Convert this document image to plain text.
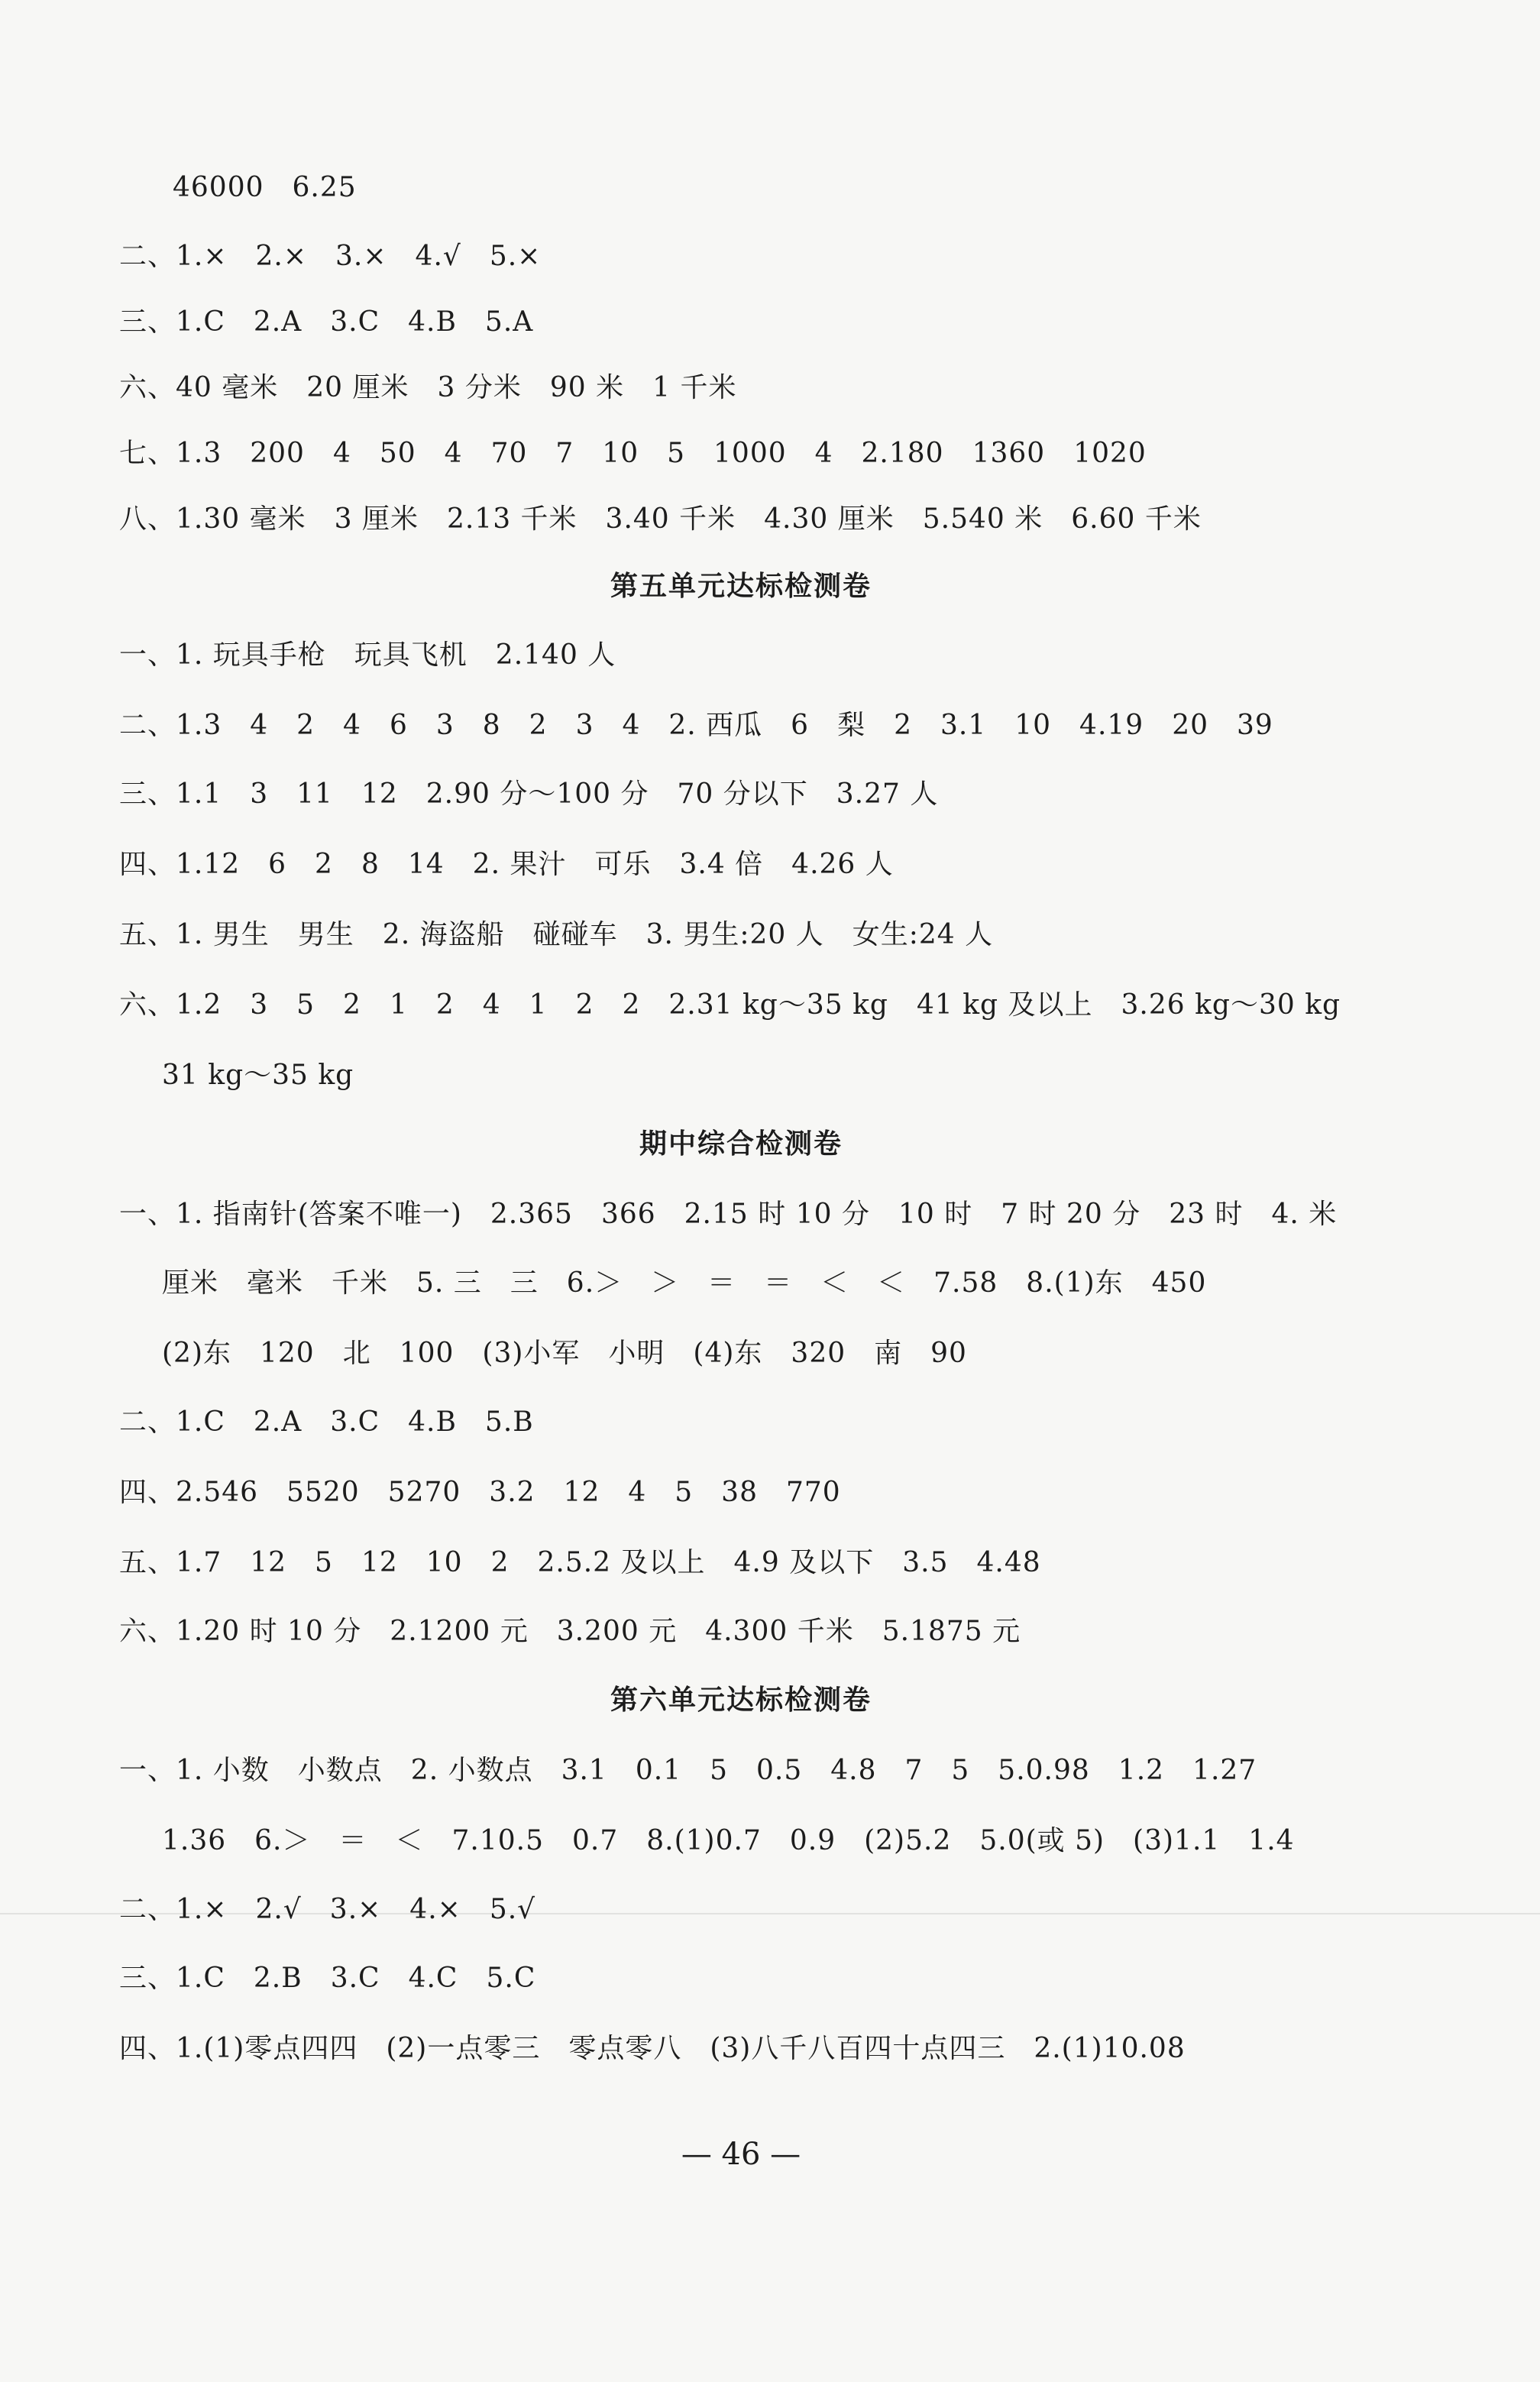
46000　6.25
二、1.×　2.×　3.×　4.√　5.×
三、1.C　2.A　3.C　4.B　5.A
六、40 毫米　20 厘米　3 分米　90 米　1 千米
七、1.3　200　4　50　4　70　7　10　5　1000　4　2.180　1360　1020
八、1.30 毫米　3 厘米　2.13 千米　3.40 千米　4.30 厘米　5.540 米　6.60 千米
第五单元达标检测卷
一、1. 玩具手枪　玩具飞机　2.140 人
二、1.3　4　2　4　6　3　8　2　3　4　2. 西瓜　6　梨　2　3.1　10　4.19　20　39
三、1.1　3　11　12　2.90 分～100 分　70 分以下　3.27 人
四、1.12　6　2　8　14　2. 果汁　可乐　3.4 倍　4.26 人
五、1. 男生　男生　2. 海盗船　碰碰车　3. 男生:20 人　女生:24 人
六、1.2　3　5　2　1　2　4　1　2　2　2.31 kg～35 kg　41 kg 及以上　3.26 kg～30 kg
31 kg～35 kg
期中综合检测卷
一、1. 指南针(答案不唯一)　2.365　366　2.15 时 10 分　10 时　7 时 20 分　23 时　4. 米
厘米　毫米　千米　5. 三　三　6.＞　＞　＝　＝　＜　＜　7.58　8.(1)东　450
(2)东　120　北　100　(3)小军　小明　(4)东　320　南　90
二、1.C　2.A　3.C　4.B　5.B
四、2.546　5520　5270　3.2　12　4　5　38　770
五、1.7　12　5　12　10　2　2.5.2 及以上　4.9 及以下　3.5　4.48
六、1.20 时 10 分　2.1200 元　3.200 元　4.300 千米　5.1875 元
第六单元达标检测卷
一、1. 小数　小数点　2. 小数点　3.1　0.1　5　0.5　4.8　7　5　5.0.98　1.2　1.27
1.36　6.＞　＝　＜　7.10.5　0.7　8.(1)0.7　0.9　(2)5.2　5.0(或 5)　(3)1.1　1.4
二、1.×　2.√　3.×　4.×　5.√
三、1.C　2.B　3.C　4.C　5.C
四、1.(1)零点四四　(2)一点零三　零点零八　(3)八千八百四十点四三　2.(1)10.08
— 46 —
